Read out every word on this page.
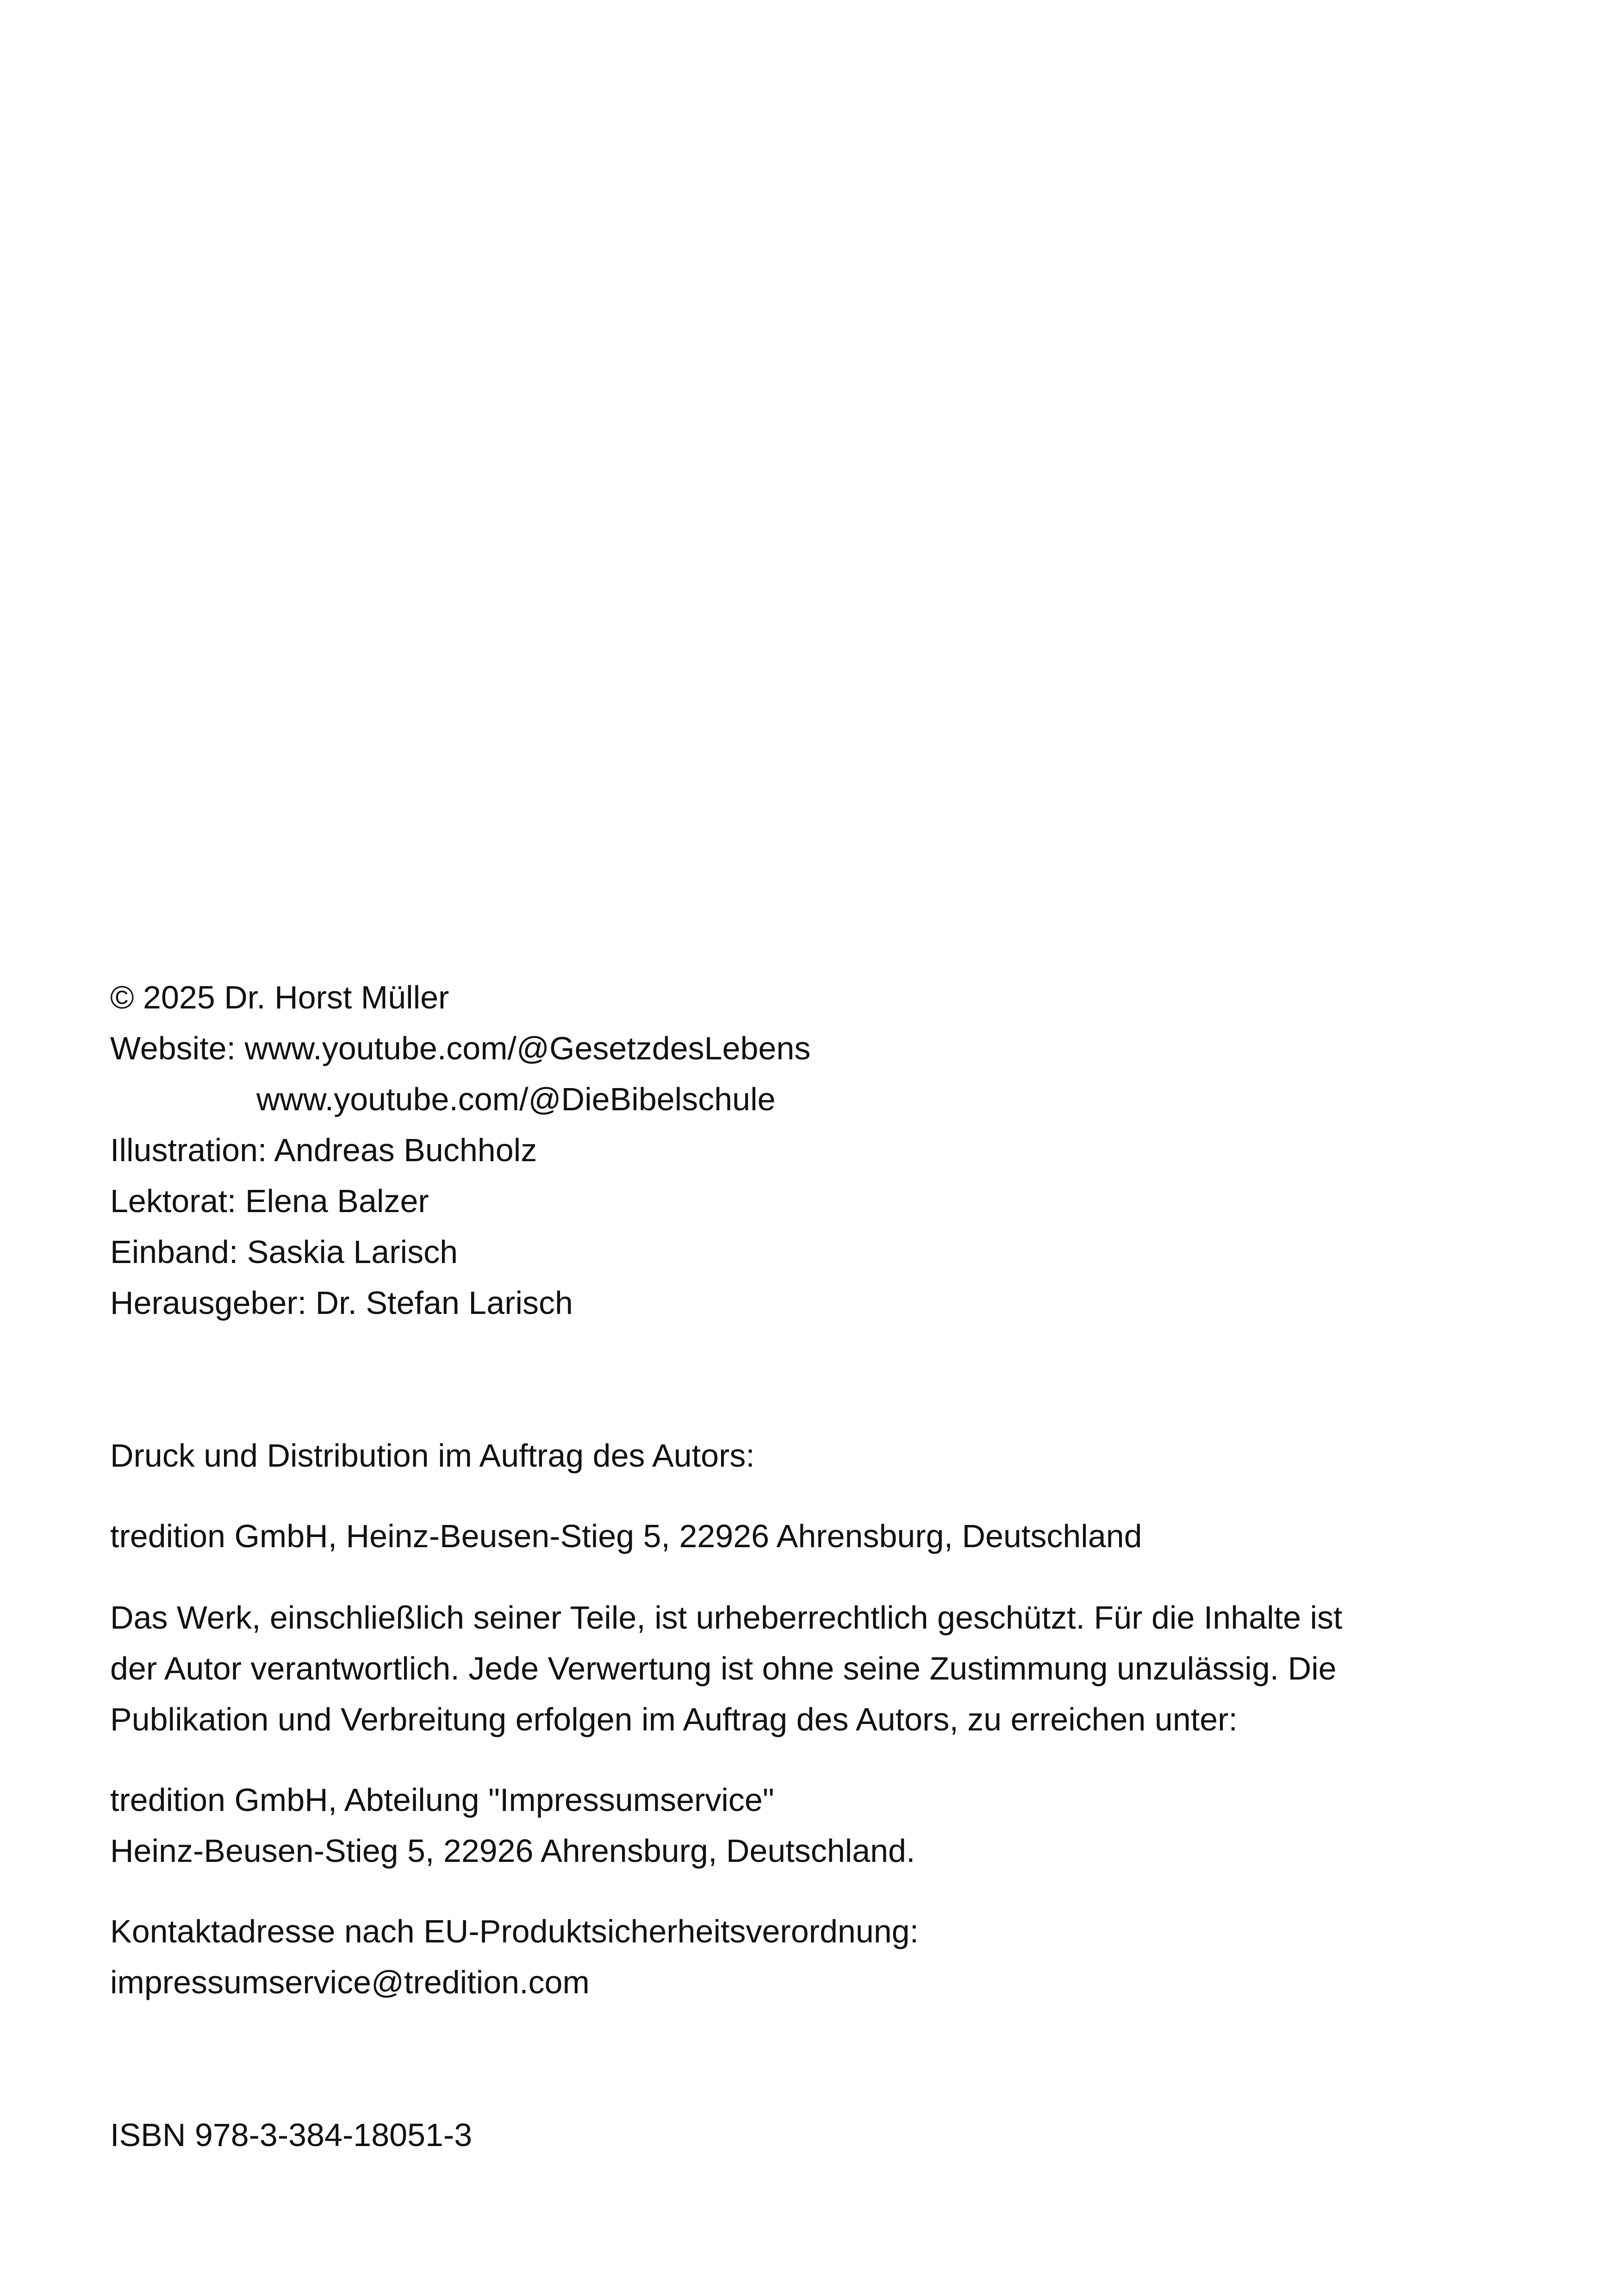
© 2025 Dr. Horst Müller
Website: www.youtube.com/@GesetzdesLebens
www.youtube.com/@DieBibelschule
Illustration: Andreas Buchholz
Lektorat: Elena Balzer
Einband: Saskia Larisch
Herausgeber: Dr. Stefan Larisch
Druck und Distribution im Auftrag des Autors:
tredition GmbH, Heinz-Beusen-Stieg 5, 22926 Ahrensburg, Deutschland
Das Werk, einschließlich seiner Teile, ist urheberrechtlich geschützt. Für die Inhalte ist
der Autor verantwortlich. Jede Verwertung ist ohne seine Zustimmung unzulässig. Die
Publikation und Verbreitung erfolgen im Auftrag des Autors, zu erreichen unter:
tredition GmbH, Abteilung "Impressumservice"
Heinz-Beusen-Stieg 5, 22926 Ahrensburg, Deutschland.
Kontaktadresse nach EU-Produktsicherheitsverordnung:
impressumservice@tredition.com
ISBN 978-3-384-18051-3
